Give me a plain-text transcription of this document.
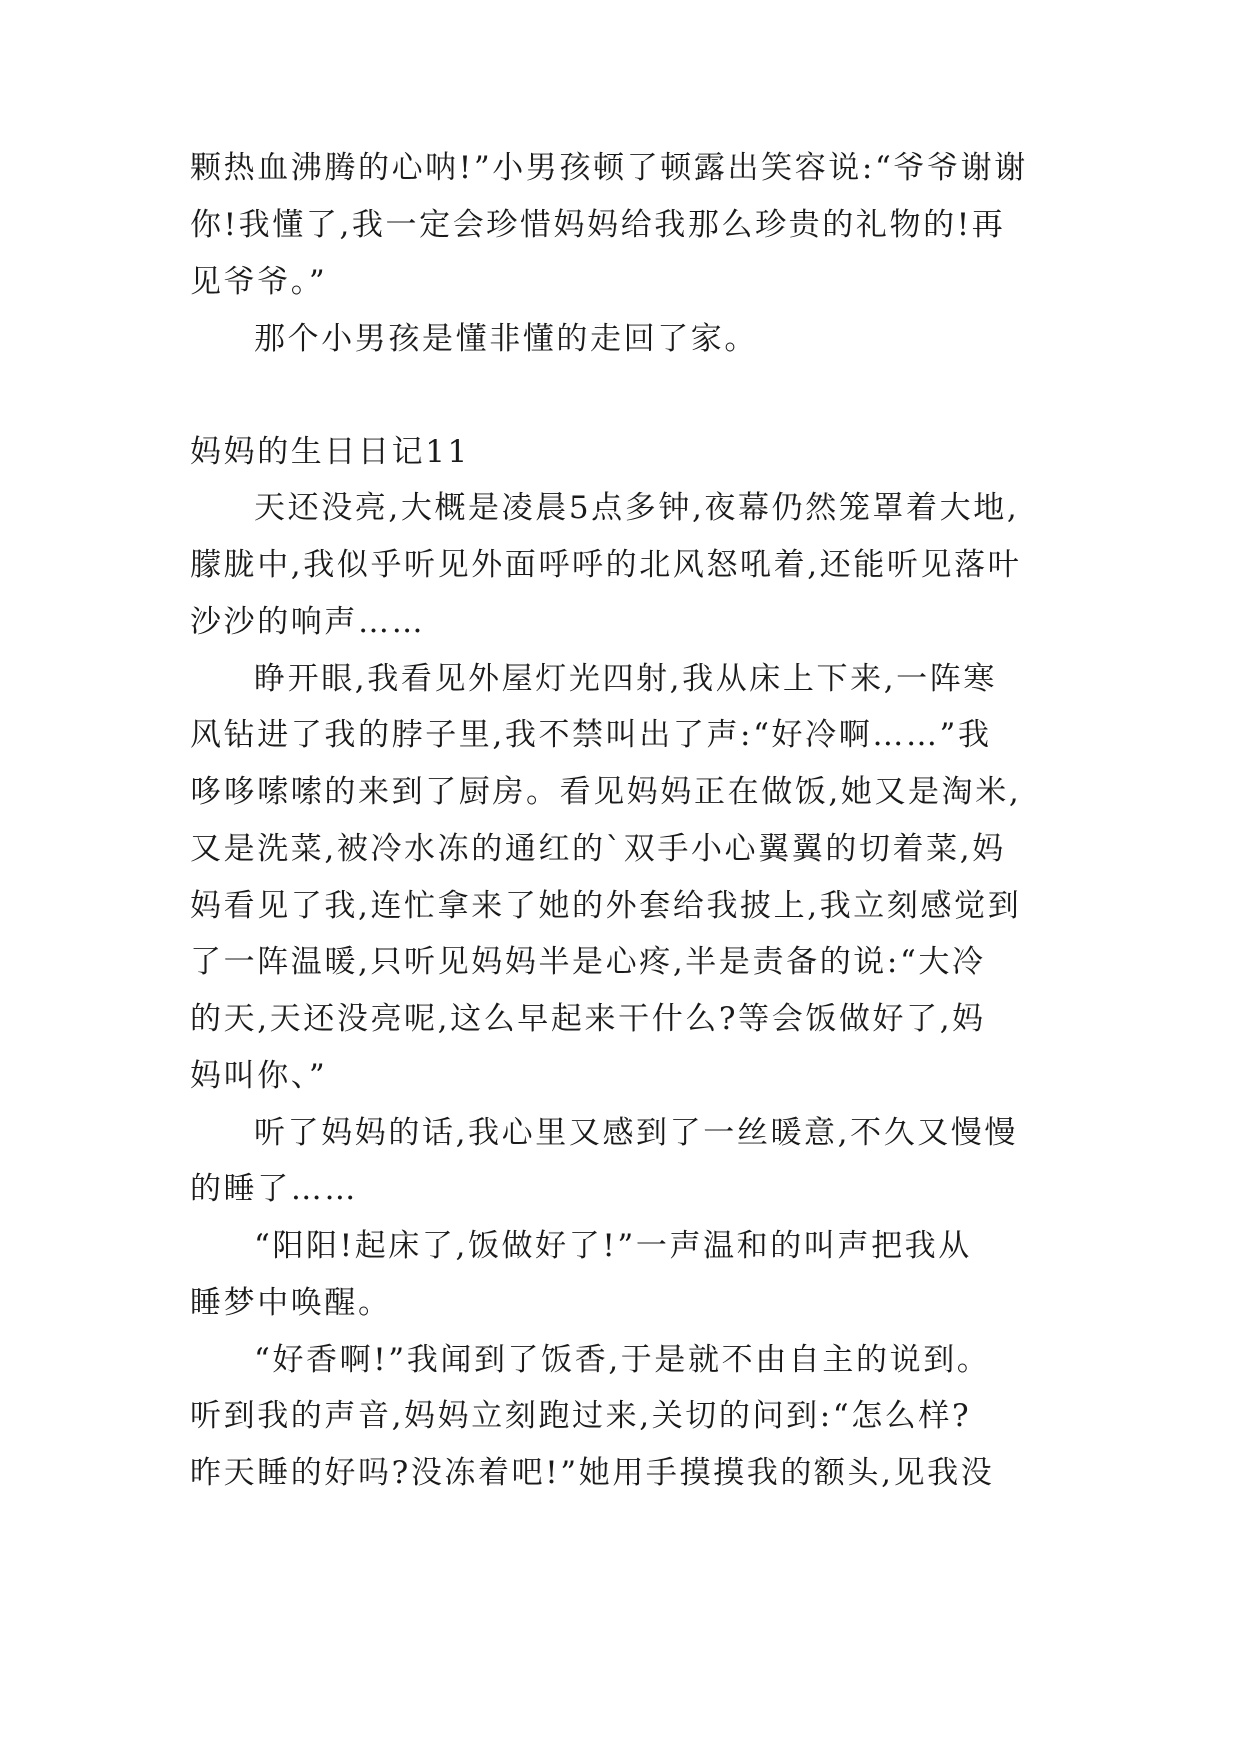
颗热血沸腾的心呐!”小男孩顿了顿露出笑容说:“爷爷谢谢
你!我懂了,我一定会珍惜妈妈给我那么珍贵的礼物的!再
见爷爷。”
那个小男孩是懂非懂的走回了家。
妈妈的生日日记11
天还没亮,大概是凌晨5点多钟,夜幕仍然笼罩着大地,
朦胧中,我似乎听见外面呼呼的北风怒吼着,还能听见落叶
沙沙的响声……
睁开眼,我看见外屋灯光四射,我从床上下来,一阵寒
风钻进了我的脖子里,我不禁叫出了声:“好冷啊……”我
哆哆嗦嗦的来到了厨房。看见妈妈正在做饭,她又是淘米,
又是洗菜,被冷水冻的通红的`双手小心翼翼的切着菜,妈
妈看见了我,连忙拿来了她的外套给我披上,我立刻感觉到
了一阵温暖,只听见妈妈半是心疼,半是责备的说:“大冷
的天,天还没亮呢,这么早起来干什么?等会饭做好了,妈
妈叫你、”
听了妈妈的话,我心里又感到了一丝暖意,不久又慢慢
的睡了……
“阳阳!起床了,饭做好了!”一声温和的叫声把我从
睡梦中唤醒。
“好香啊!”我闻到了饭香,于是就不由自主的说到。
听到我的声音,妈妈立刻跑过来,关切的问到:“怎么样?
昨天睡的好吗?没冻着吧!”她用手摸摸我的额头,见我没
